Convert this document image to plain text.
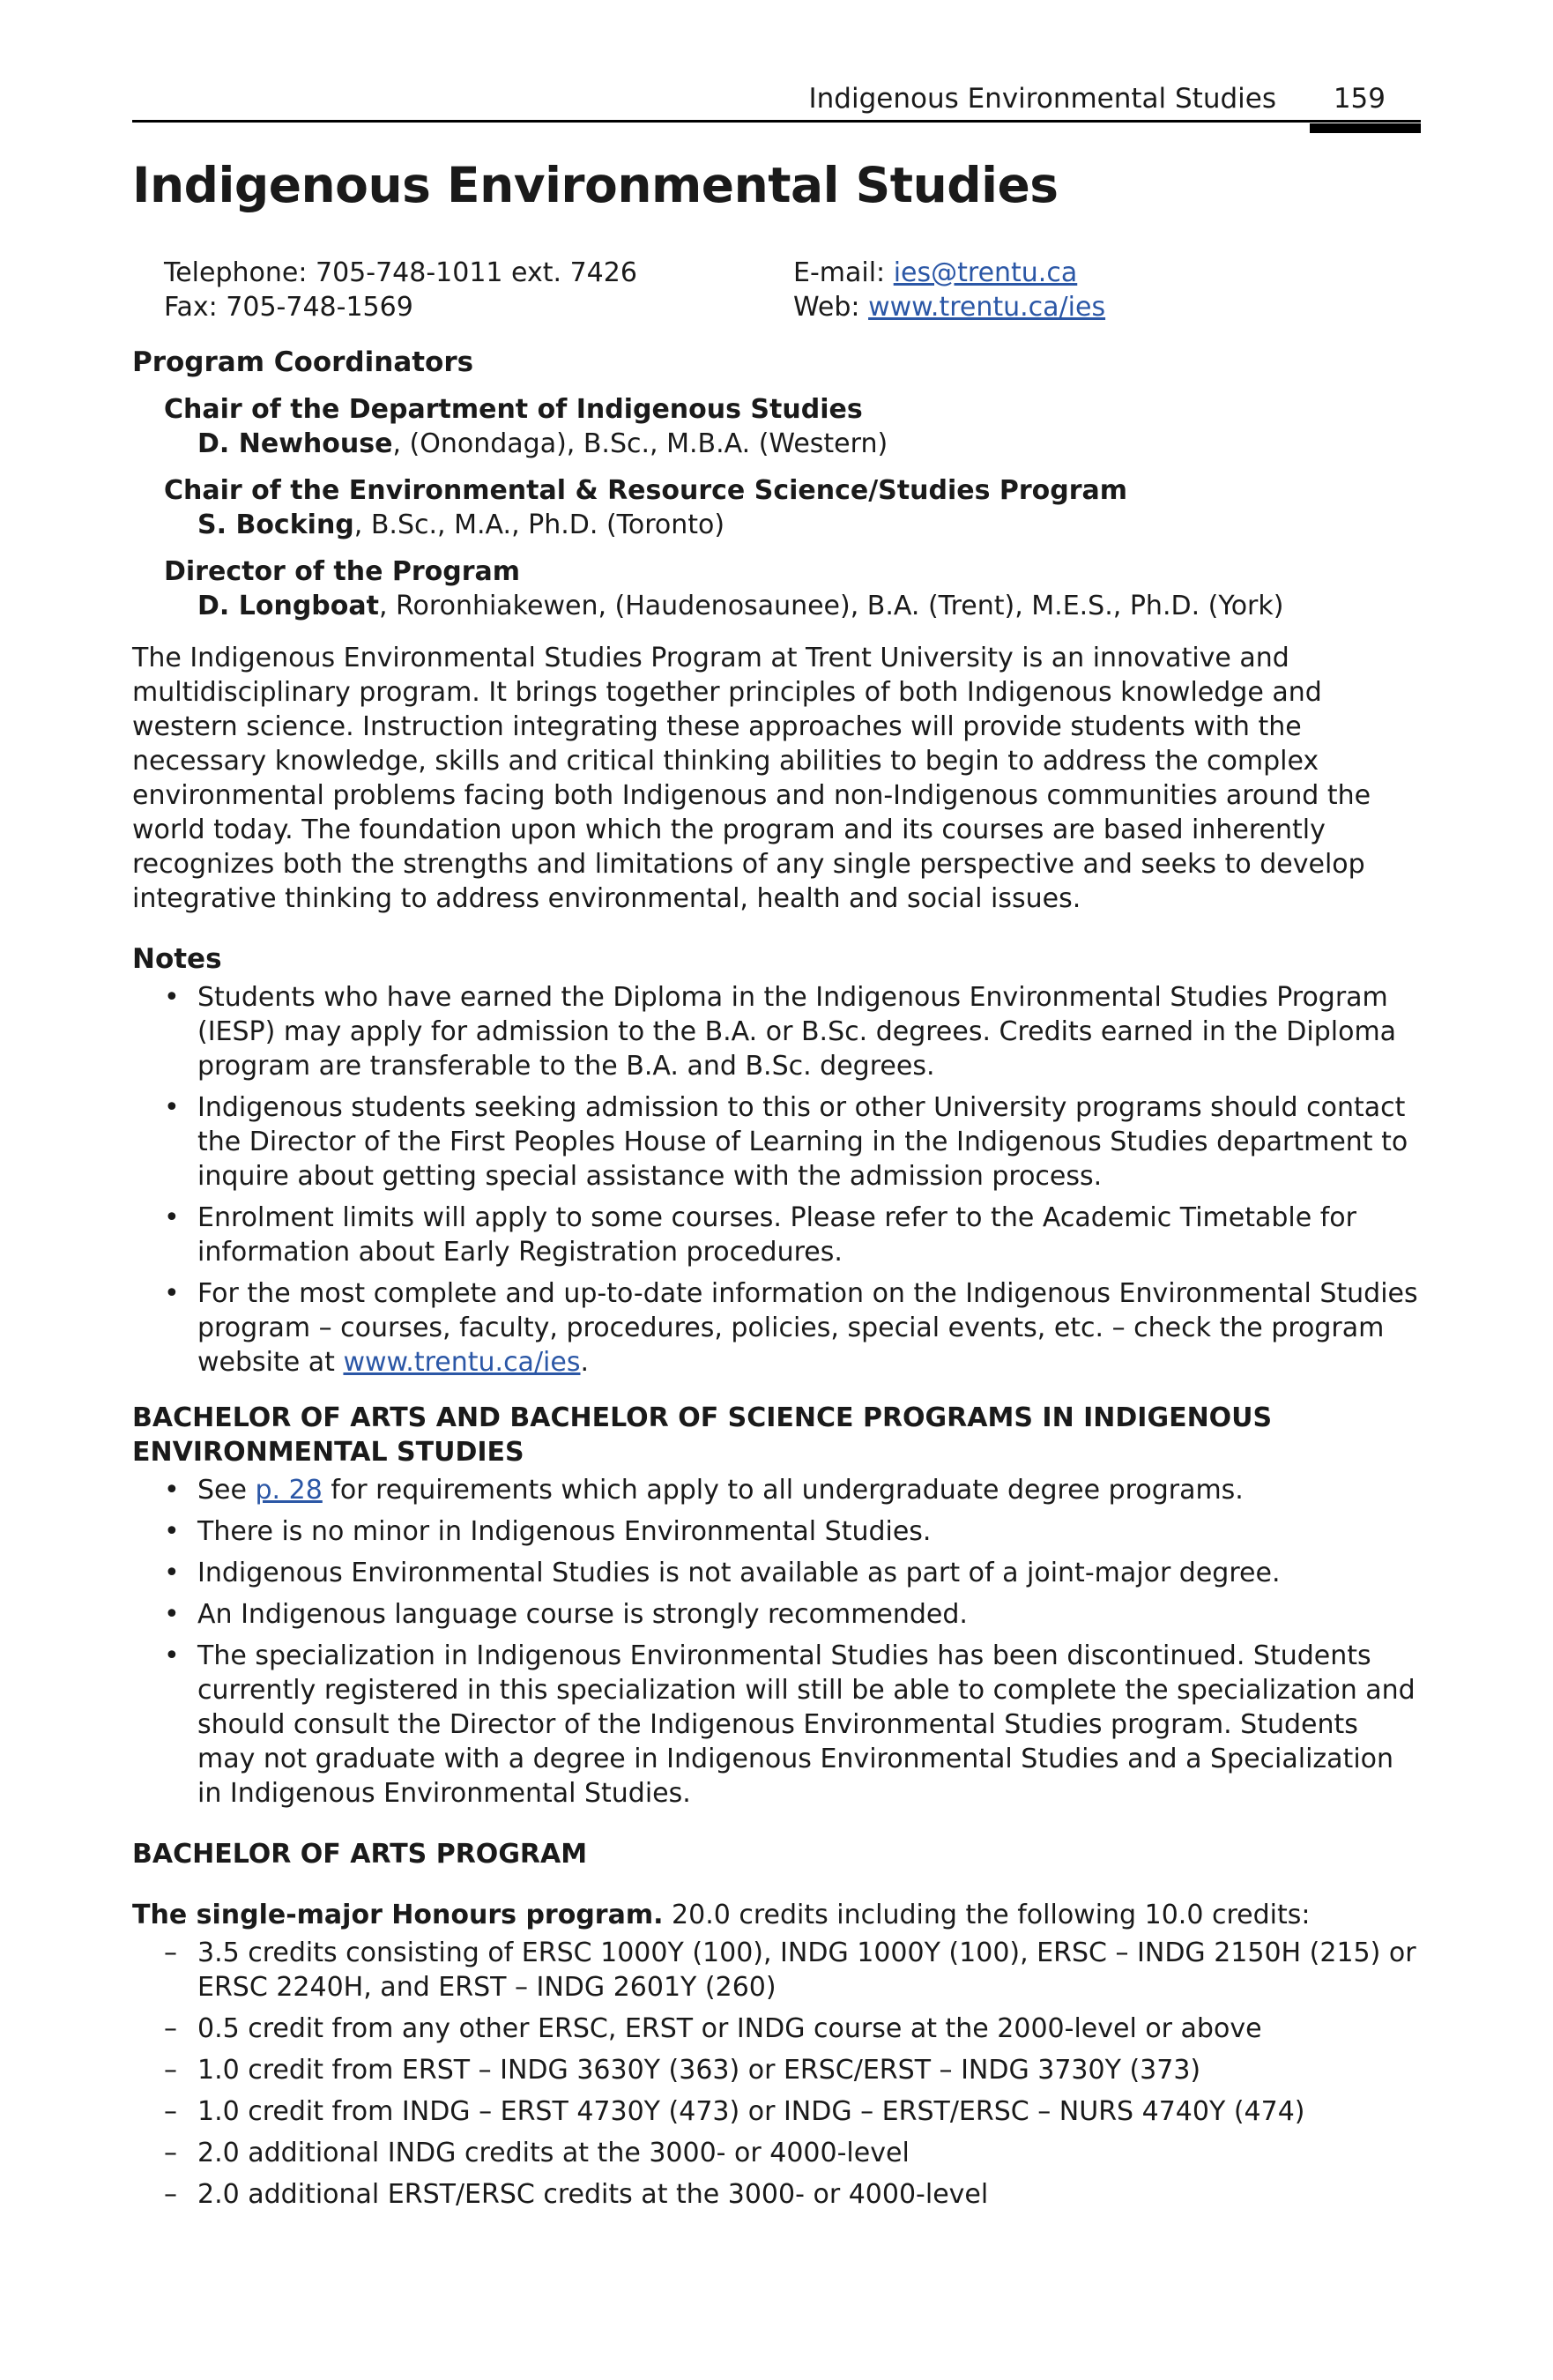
Indigenous Environmental Studies 159
Indigenous Environmental Studies
Telephone: 705-748-1011 ext. 7426
Fax: 705-748-1569
E-mail: ies@trentu.ca
Web: www.trentu.ca/ies
Program Coordinators
Chair of the Department of Indigenous Studies
D. Newhouse, (Onondaga), B.Sc., M.B.A. (Western)
Chair of the Environmental & Resource Science/Studies Program
S. Bocking, B.Sc., M.A., Ph.D. (Toronto)
Director of the Program
D. Longboat, Roronhiakewen, (Haudenosaunee), B.A. (Trent), M.E.S., Ph.D. (York)

The Indigenous Environmental Studies Program at Trent University is an innovative and multidisciplinary program. It brings together principles of both Indigenous knowledge and western science. Instruction integrating these approaches will provide students with the necessary knowledge, skills and critical thinking abilities to begin to address the complex environmental problems facing both Indigenous and non-Indigenous communities around the world today. The foundation upon which the program and its courses are based inherently recognizes both the strengths and limitations of any single perspective and seeks to develop integrative thinking to address environmental, health and social issues.

Notes
• Students who have earned the Diploma in the Indigenous Environmental Studies Program (IESP) may apply for admission to the B.A. or B.Sc. degrees. Credits earned in the Diploma program are transferable to the B.A. and B.Sc. degrees.
• Indigenous students seeking admission to this or other University programs should contact the Director of the First Peoples House of Learning in the Indigenous Studies department to inquire about getting special assistance with the admission process.
• Enrolment limits will apply to some courses. Please refer to the Academic Timetable for information about Early Registration procedures.
• For the most complete and up-to-date information on the Indigenous Environmental Studies program – courses, faculty, procedures, policies, special events, etc. – check the program website at www.trentu.ca/ies.
BACHELOR OF ARTS AND BACHELOR OF SCIENCE PROGRAMS IN INDIGENOUS ENVIRONMENTAL STUDIES
• See p. 28 for requirements which apply to all undergraduate degree programs.
• There is no minor in Indigenous Environmental Studies.
• Indigenous Environmental Studies is not available as part of a joint-major degree.
• An Indigenous language course is strongly recommended.
• The specialization in Indigenous Environmental Studies has been discontinued. Students currently registered in this specialization will still be able to complete the specialization and should consult the Director of the Indigenous Environmental Studies program. Students may not graduate with a degree in Indigenous Environmental Studies and a Specialization in Indigenous Environmental Studies.
BACHELOR OF ARTS PROGRAM
The single-major Honours program. 20.0 credits including the following 10.0 credits:
– 3.5 credits consisting of ERSC 1000Y (100), INDG 1000Y (100), ERSC – INDG 2150H (215) or ERSC 2240H, and ERST – INDG 2601Y (260)
– 0.5 credit from any other ERSC, ERST or INDG course at the 2000-level or above
– 1.0 credit from ERST – INDG 3630Y (363) or ERSC/ERST – INDG 3730Y (373)
– 1.0 credit from INDG – ERST 4730Y (473) or INDG – ERST/ERSC – NURS 4740Y (474)
– 2.0 additional INDG credits at the 3000- or 4000-level
– 2.0 additional ERST/ERSC credits at the 3000- or 4000-level
